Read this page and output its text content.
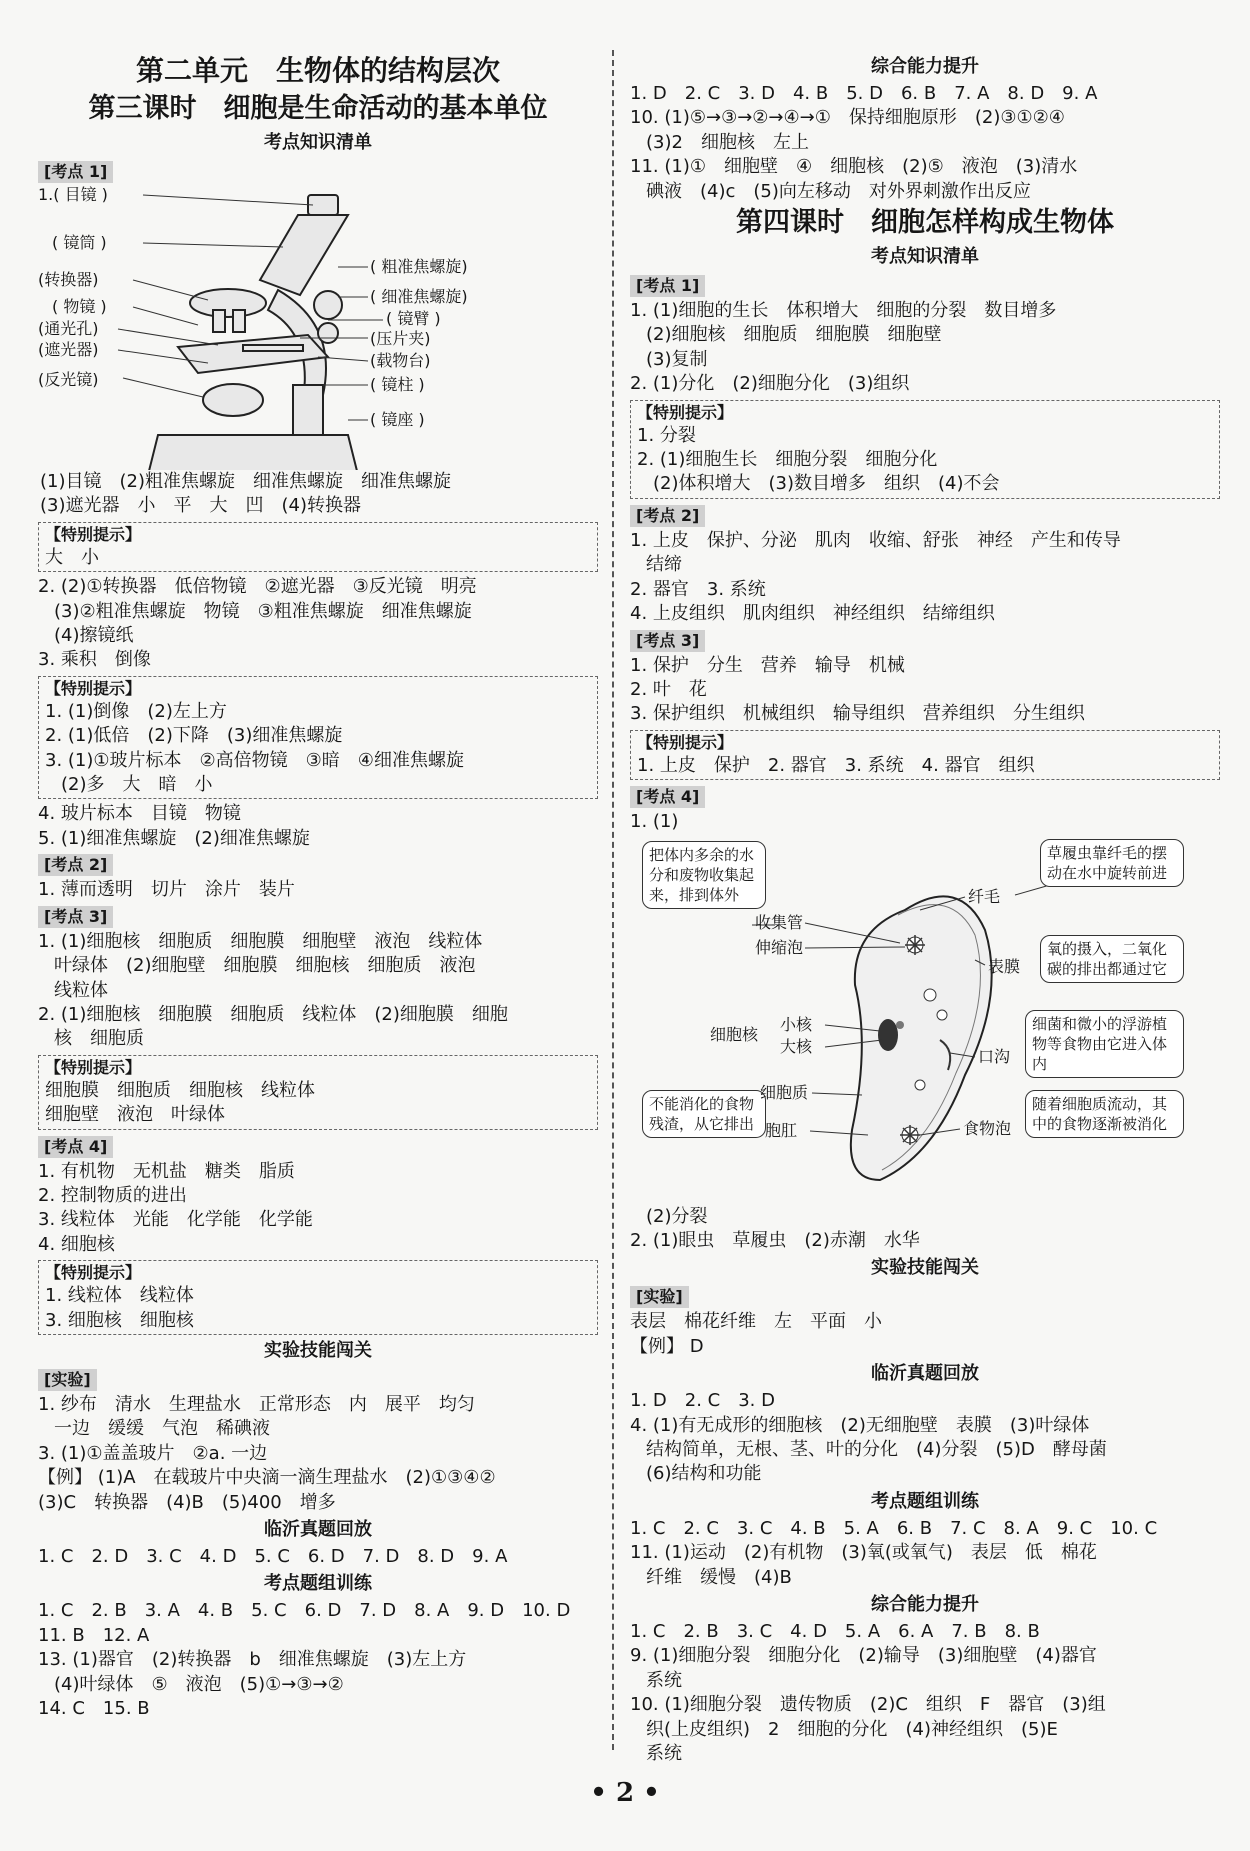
第二单元　生物体的结构层次
第三课时　细胞是生命活动的基本单位
考点知识清单
[考点 1]
1.( 目镜 )
( 镜筒 )
(转换器)
( 物镜 )
(通光孔)
(遮光器)
(反光镜)
( 粗准焦螺旋)
( 细准焦螺旋)
( 镜臂 )
(压片夹)
(载物台)
( 镜柱 )
( 镜座 )
(1)目镜　(2)粗准焦螺旋　细准焦螺旋　细准焦螺旋
(3)遮光器　小　平　大　凹　(4)转换器
【特别提示】
大　小
2. (2)①转换器　低倍物镜　②遮光器　③反光镜　明亮
(3)②粗准焦螺旋　物镜　③粗准焦螺旋　细准焦螺旋
(4)擦镜纸
3. 乘积　倒像
【特别提示】
1. (1)倒像　(2)左上方
2. (1)低倍　(2)下降　(3)细准焦螺旋
3. (1)①玻片标本　②高倍物镜　③暗　④细准焦螺旋
(2)多　大　暗　小
4. 玻片标本　目镜　物镜
5. (1)细准焦螺旋　(2)细准焦螺旋
[考点 2]
1. 薄而透明　切片　涂片　装片
[考点 3]
1. (1)细胞核　细胞质　细胞膜　细胞壁　液泡　线粒体
叶绿体　(2)细胞壁　细胞膜　细胞核　细胞质　液泡
线粒体
2. (1)细胞核　细胞膜　细胞质　线粒体　(2)细胞膜　细胞
核　细胞质
【特别提示】
细胞膜　细胞质　细胞核　线粒体
细胞壁　液泡　叶绿体
[考点 4]
1. 有机物　无机盐　糖类　脂质
2. 控制物质的进出
3. 线粒体　光能　化学能　化学能
4. 细胞核
【特别提示】
1. 线粒体　线粒体
3. 细胞核　细胞核
实验技能闯关
[实验]
1. 纱布　清水　生理盐水　正常形态　内　展平　均匀
一边　缓缓　气泡　稀碘液
3. (1)①盖盖玻片　②a. 一边
【例】 (1)A　在载玻片中央滴一滴生理盐水　(2)①③④②
(3)C　转换器　(4)B　(5)400　增多
临沂真题回放
1. C　2. D　3. C　4. D　5. C　6. D　7. D　8. D　9. A
考点题组训练
1. C　2. B　3. A　4. B　5. C　6. D　7. D　8. A　9. D　10. D
11. B　12. A
13. (1)器官　(2)转换器　b　细准焦螺旋　(3)左上方
(4)叶绿体　⑤　液泡　(5)①→③→②
14. C　15. B
综合能力提升
1. D　2. C　3. D　4. B　5. D　6. B　7. A　8. D　9. A
10. (1)⑤→③→②→④→①　保持细胞原形　(2)③①②④
(3)2　细胞核　左上
11. (1)①　细胞壁　④　细胞核　(2)⑤　液泡　(3)清水
碘液　(4)c　(5)向左移动　对外界刺激作出反应
第四课时　细胞怎样构成生物体
考点知识清单
[考点 1]
1. (1)细胞的生长　体积增大　细胞的分裂　数目增多
(2)细胞核　细胞质　细胞膜　细胞壁
(3)复制
2. (1)分化　(2)细胞分化　(3)组织
【特别提示】
1. 分裂
2. (1)细胞生长　细胞分裂　细胞分化
(2)体积增大　(3)数目增多　组织　(4)不会
[考点 2]
1. 上皮　保护、分泌　肌肉　收缩、舒张　神经　产生和传导
结缔
2. 器官　3. 系统
4. 上皮组织　肌肉组织　神经组织　结缔组织
[考点 3]
1. 保护　分生　营养　输导　机械
2. 叶　花
3. 保护组织　机械组织　输导组织　营养组织　分生组织
【特别提示】
1. 上皮　保护　2. 器官　3. 系统　4. 器官　组织
[考点 4]
1. (1)
把体内多余的水分和废物收集起来，排到体外
草履虫靠纤毛的摆动在水中旋转前进
氧的摄入，二氧化碳的排出都通过它
细菌和微小的浮游植物等食物由它进入体内
不能消化的食物残渣，从它排出
随着细胞质流动，其中的食物逐渐被消化
收集管
伸缩泡
纤毛
表膜
细胞核
小核
大核
口沟
细胞质
胞肛	食物泡
(2)分裂
2. (1)眼虫　草履虫　(2)赤潮　水华
实验技能闯关
[实验]
表层　棉花纤维　左　平面　小
【例】 D
临沂真题回放
1. D　2. C　3. D
4. (1)有无成形的细胞核　(2)无细胞壁　表膜　(3)叶绿体
结构简单，无根、茎、叶的分化　(4)分裂　(5)D　酵母菌
(6)结构和功能
考点题组训练
1. C　2. C　3. C　4. B　5. A　6. B　7. C　8. A　9. C　10. C
11. (1)运动　(2)有机物　(3)氧(或氧气)　表层　低　棉花
纤维　缓慢　(4)B
综合能力提升
1. C　2. B　3. C　4. D　5. A　6. A　7. B　8. B
9. (1)细胞分裂　细胞分化　(2)输导　(3)细胞壁　(4)器官
系统
10. (1)细胞分裂　遗传物质　(2)C　组织　F　器官　(3)组
织(上皮组织)　2　细胞的分化　(4)神经组织　(5)E
系统
• 2 •
